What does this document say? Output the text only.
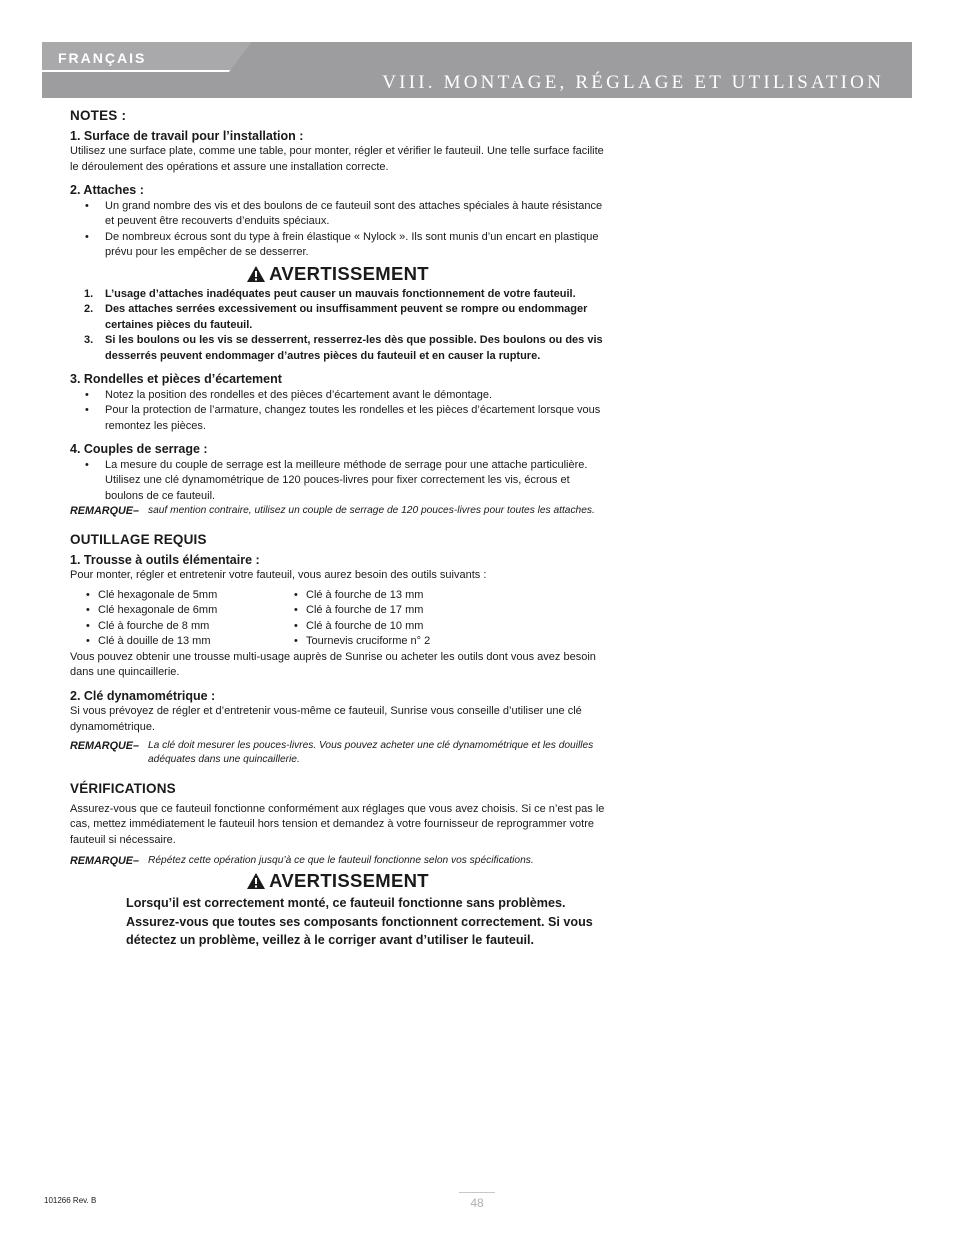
FRANÇAIS
VIII. MONTAGE, RÉGLAGE ET UTILISATION
NOTES :
1. Surface de travail pour l’installation :

Utilisez une surface plate, comme une table, pour monter, régler et vérifier le fauteuil. Une telle surface facilite le déroulement des opérations et assure une installation correcte.

2. Attaches :
• Un grand nombre des vis et des boulons de ce fauteuil sont des attaches spéciales à haute résistance et peuvent être recouverts d’enduits spéciaux.
• De nombreux écrous sont du type à frein élastique « Nylock ». Ils sont munis d’un encart en plastique prévu pour les empêcher de se desserrer.
AVERTISSEMENT
1. L’usage d’attaches inadéquates peut causer un mauvais fonctionnement de votre fauteuil.
2. Des attaches serrées excessivement ou insuffisamment peuvent se rompre ou endommager certaines pièces du fauteuil.
3. Si les boulons ou les vis se desserrent, resserrez-les dès que possible. Des boulons ou des vis desserrés peuvent endommager d’autres pièces du fauteuil et en causer la rupture.
3. Rondelles et pièces d’écartement
• Notez la position des rondelles et des pièces d’écartement avant le démontage.
• Pour la protection de l’armature, changez toutes les rondelles et les pièces d’écartement lorsque vous remontez les pièces.
4. Couples de serrage :
• La mesure du couple de serrage est la meilleure méthode de serrage pour une attache particulière. Utilisez une clé dynamométrique de 120 pouces-livres pour fixer correctement les vis, écrous et boulons de ce fauteuil.
REMARQUE– sauf mention contraire, utilisez un couple de serrage de 120 pouces-livres pour toutes les attaches.
OUTILLAGE REQUIS
1. Trousse à outils élémentaire :

Pour monter, régler et entretenir votre fauteuil, vous aurez besoin des outils suivants :

• Clé hexagonale de 5mm	• Clé à fourche de 13 mm
• Clé hexagonale de 6mm	• Clé à fourche de 17 mm
• Clé à fourche de 8 mm	• Clé à fourche de 10 mm
• Clé à douille de 13 mm	• Tournevis cruciforme n° 2

Vous pouvez obtenir une trousse multi-usage auprès de Sunrise ou acheter les outils dont vous avez besoin dans une quincaillerie.

2. Clé dynamométrique :

Si vous prévoyez de régler et d’entretenir vous-même ce fauteuil, Sunrise vous conseille d’utiliser une clé dynamométrique.

REMARQUE– La clé doit mesurer les pouces-livres. Vous pouvez acheter une clé dynamométrique et les douilles adéquates dans une quincaillerie.
VÉRIFICATIONS

Assurez-vous que ce fauteuil fonctionne conformément aux réglages que vous avez choisis. Si ce n’est pas le cas, mettez immédiatement le fauteuil hors tension et demandez à votre fournisseur de reprogrammer votre fauteuil si nécessaire.

REMARQUE– Répétez cette opération jusqu’à ce que le fauteuil fonctionne selon vos spécifications.
AVERTISSEMENT
Lorsqu’il est correctement monté, ce fauteuil fonctionne sans problèmes. Assurez-vous que toutes ses composants fonctionnent correctement. Si vous détectez un problème, veillez à le corriger avant d’utiliser le fauteuil.
101266 Rev. B	48
